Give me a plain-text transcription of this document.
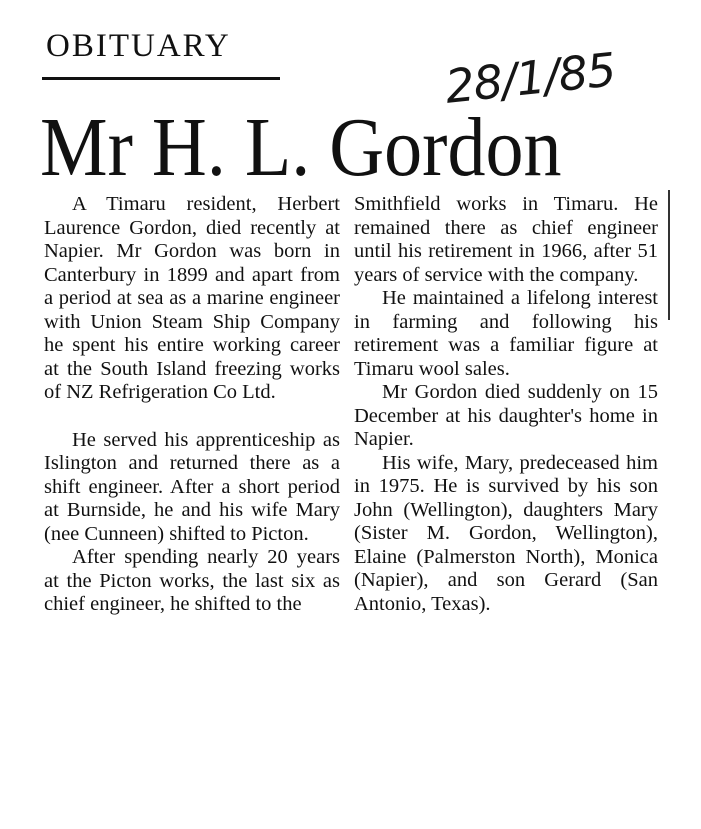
OBITUARY	28/1/85
Mr H. L. Gordon

A Timaru resident, Herbert Laurence Gordon, died recently at Napier. Mr Gordon was born in Canterbury in 1899 and apart from a period at sea as a marine engineer with Union Steam Ship Company he spent his entire working career at the South Island freezing works of NZ Refrigeration Co Ltd.

He served his apprenticeship as Islington and returned there as a shift engineer. After a short period at Burnside, he and his wife Mary (nee Cunneen) shifted to Picton.

After spending nearly 20 years at the Picton works, the last six as chief engineer, he shifted to the

Smithfield works in Timaru. He remained there as chief engineer until his retirement in 1966, after 51 years of service with the company.

He maintained a lifelong interest in farming and following his retirement was a familiar figure at Timaru wool sales.

Mr Gordon died suddenly on 15 December at his daughter's home in Napier.

His wife, Mary, predeceased him in 1975. He is survived by his son John (Wellington), daughters Mary (Sister M. Gordon, Wellington), Elaine (Palmerston North), Monica (Napier), and son Gerard (San Antonio, Texas).
